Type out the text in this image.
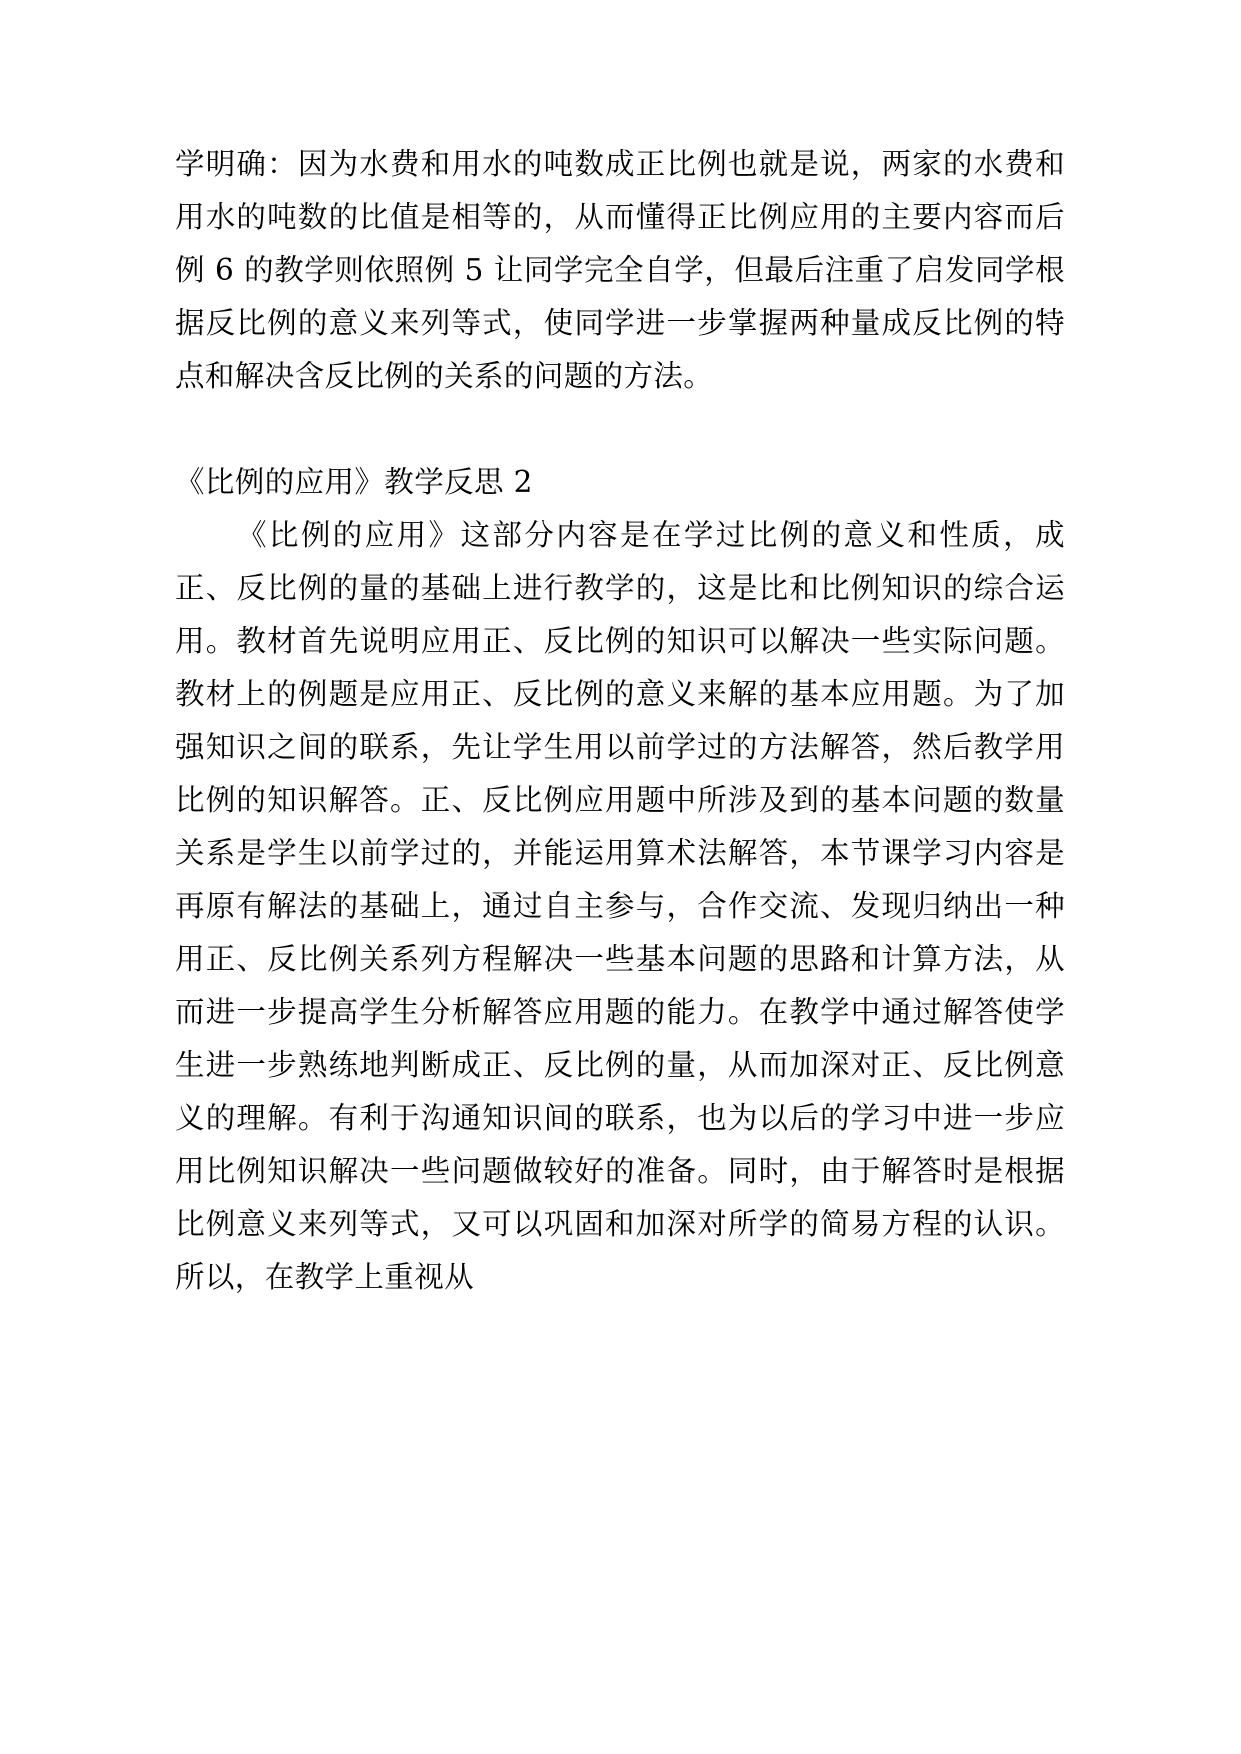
学明确：因为水费和用水的吨数成正比例也就是说，两家的水费和用水的吨数的比值是相等的，从而懂得正比例应用的主要内容而后例 6 的教学则依照例 5 让同学完全自学，但最后注重了启发同学根据反比例的意义来列等式，使同学进一步掌握两种量成反比例的特点和解决含反比例的关系的问题的方法。

《比例的应用》教学反思 2

《比例的应用》这部分内容是在学过比例的意义和性质，成正、反比例的量的基础上进行教学的，这是比和比例知识的综合运用。教材首先说明应用正、反比例的知识可以解决一些实际问题。教材上的例题是应用正、反比例的意义来解的基本应用题。为了加强知识之间的联系，先让学生用以前学过的方法解答，然后教学用比例的知识解答。正、反比例应用题中所涉及到的基本问题的数量关系是学生以前学过的，并能运用算术法解答，本节课学习内容是再原有解法的基础上，通过自主参与，合作交流、发现归纳出一种用正、反比例关系列方程解决一些基本问题的思路和计算方法，从而进一步提高学生分析解答应用题的能力。在教学中通过解答使学生进一步熟练地判断成正、反比例的量，从而加深对正、反比例意义的理解。有利于沟通知识间的联系，也为以后的学习中进一步应用比例知识解决一些问题做较好的准备。同时，由于解答时是根据比例意义来列等式，又可以巩固和加深对所学的简易方程的认识。所以，在教学上重视从
